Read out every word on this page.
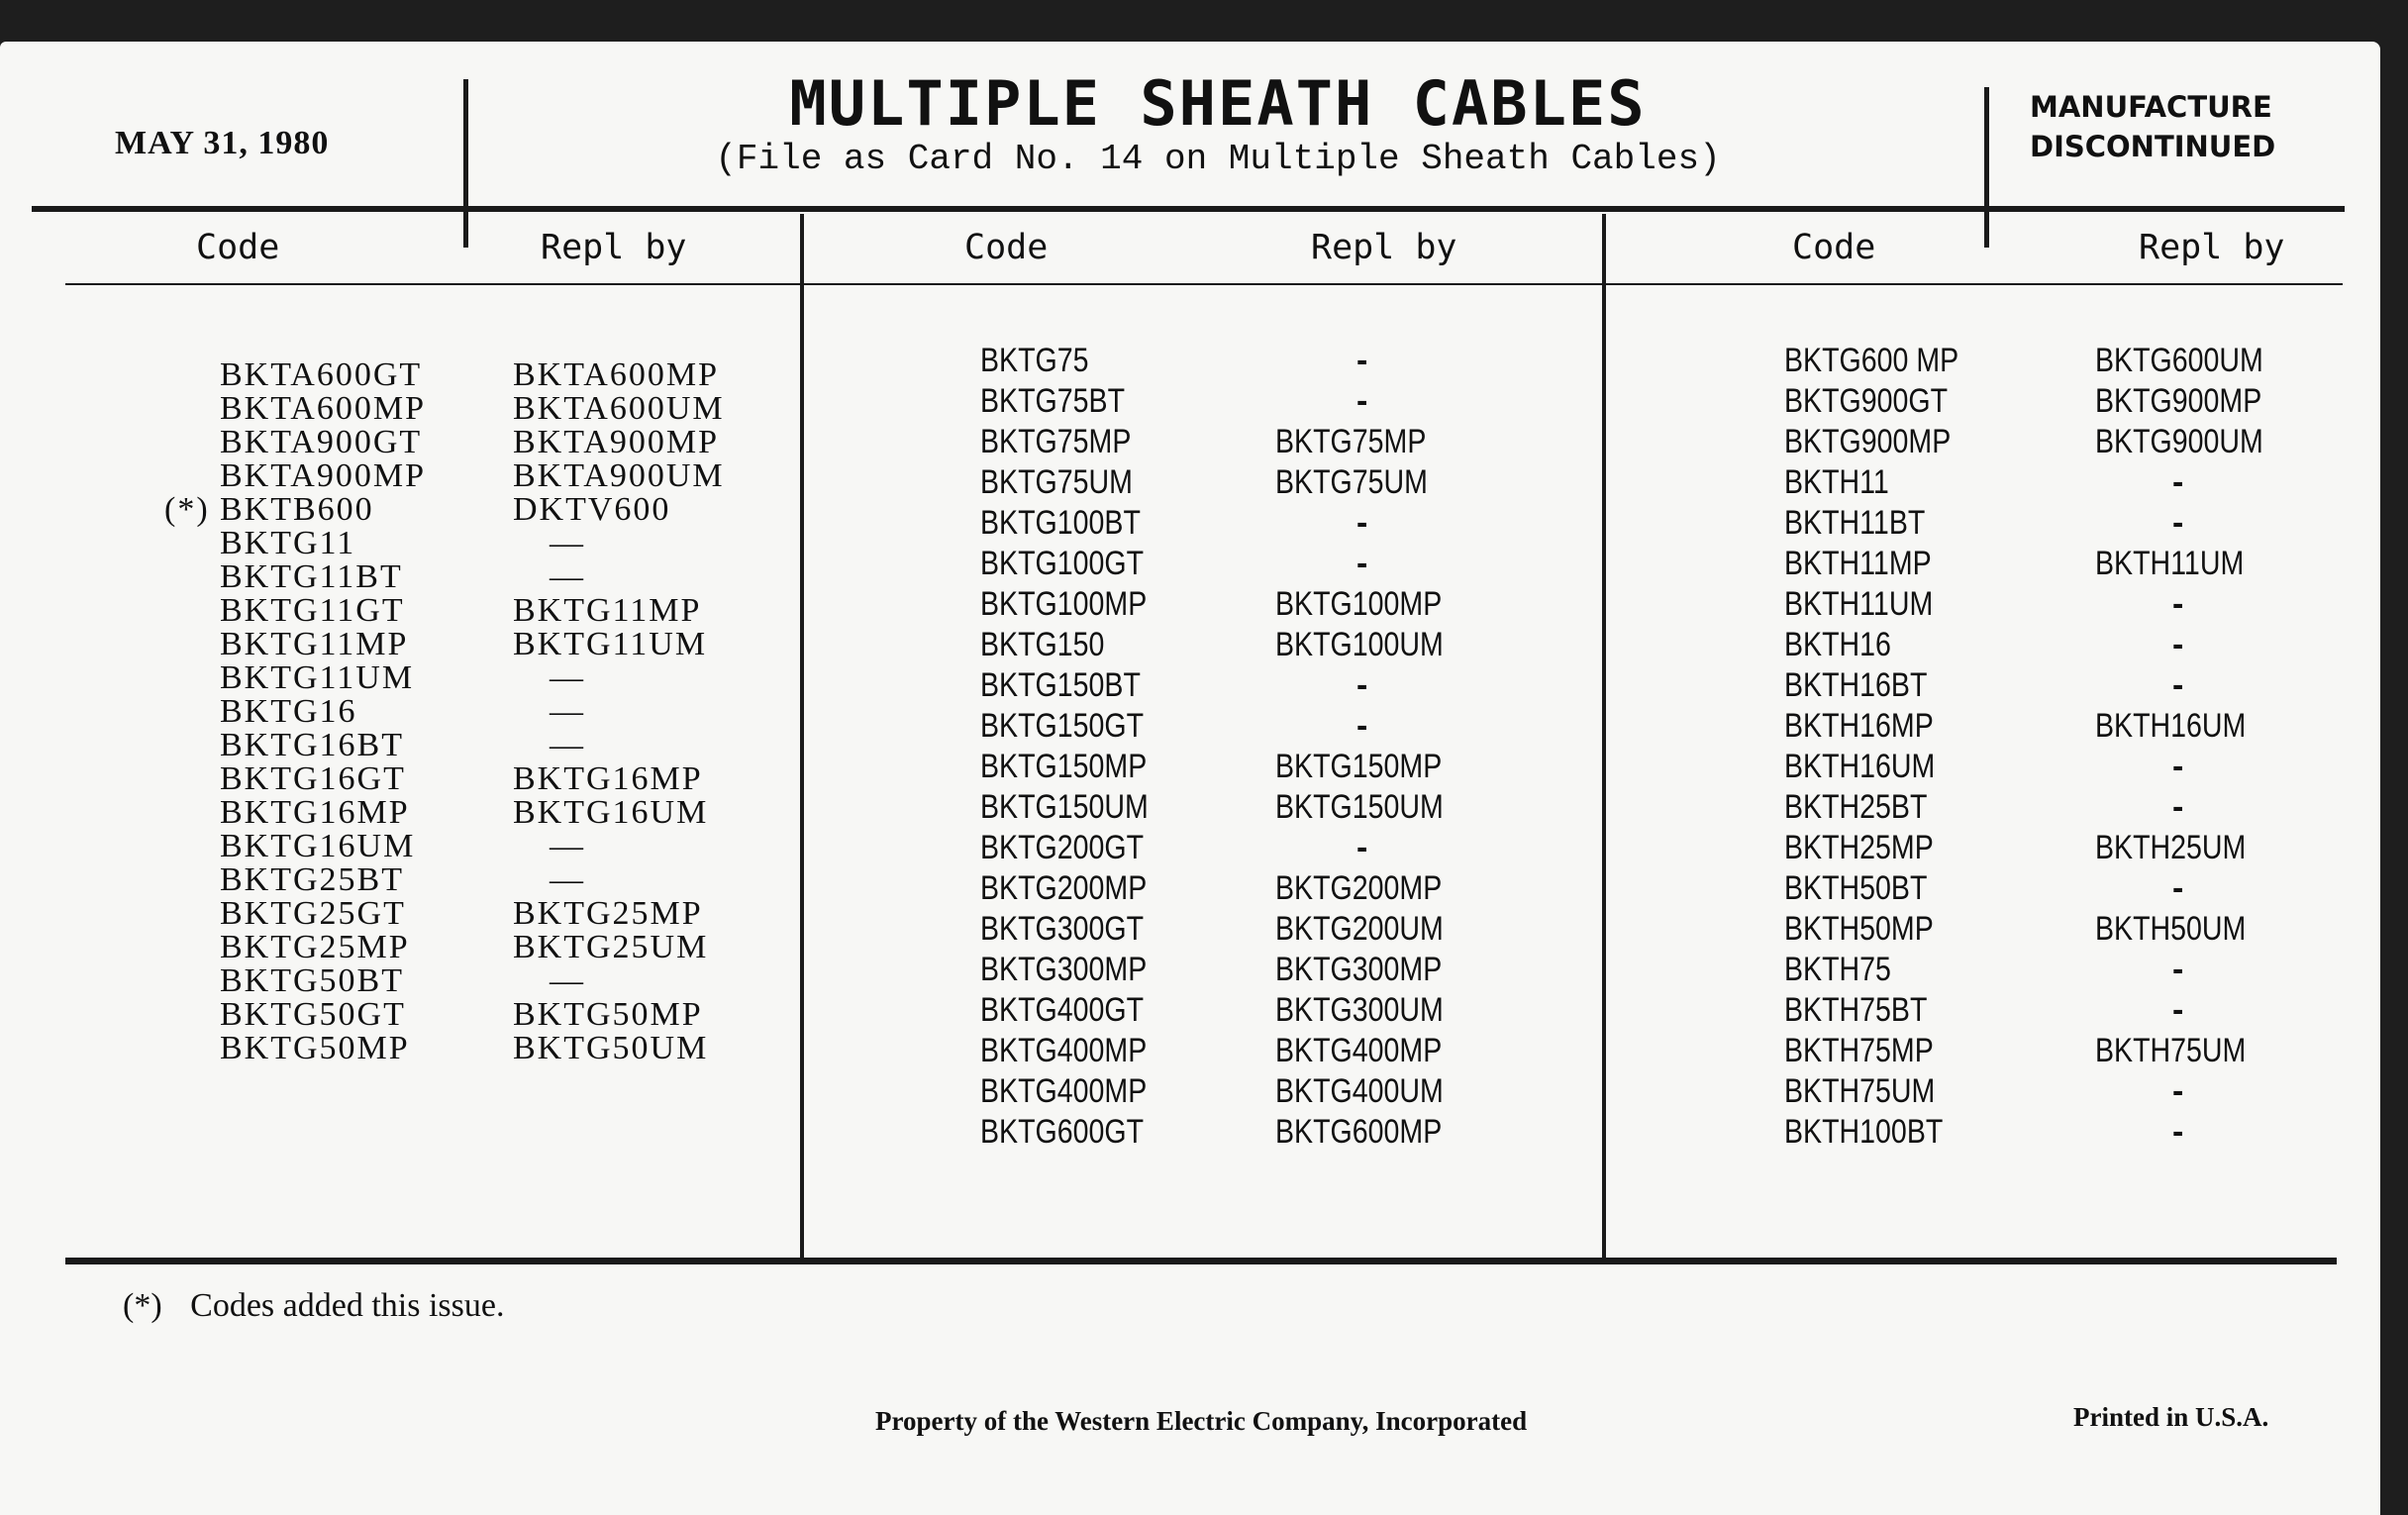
MAY 31, 1980
MULTIPLE SHEATH CABLES
(File as Card No. 14 on Multiple Sheath Cables)
MANUFACTURE
DISCONTINUED
Code	Repl by	Code	Repl by	Code	Repl by
BKTA600GT	BKTA600MP
BKTA600MP	BKTA600UM
BKTA900GT	BKTA900MP
BKTA900MP	BKTA900UM
(*) BKTB600	DKTV600
BKTG11	—
BKTG11BT	—
BKTG11GT	BKTG11MP
BKTG11MP	BKTG11UM
BKTG11UM	—
BKTG16	—
BKTG16BT	—
BKTG16GT	BKTG16MP
BKTG16MP	BKTG16UM
BKTG16UM	—
BKTG25BT	—
BKTG25GT	BKTG25MP
BKTG25MP	BKTG25UM
BKTG50BT	—
BKTG50GT	BKTG50MP
BKTG50MP	BKTG50UM
BKTG75	-
BKTG75BT	-
BKTG75MP	BKTG75MP
BKTG75UM	BKTG75UM
BKTG100BT	-
BKTG100GT	-
BKTG100MP	BKTG100MP
BKTG150	BKTG100UM
BKTG150BT	-
BKTG150GT	-
BKTG150MP	BKTG150MP
BKTG150UM	BKTG150UM
BKTG200GT	-
BKTG200MP	BKTG200MP
BKTG300GT	BKTG200UM
BKTG300MP	BKTG300MP
BKTG400GT	BKTG300UM
BKTG400MP	BKTG400MP
BKTG400MP	BKTG400UM
BKTG600GT	BKTG600MP
BKTG600 MP	BKTG600UM
BKTG900GT	BKTG900MP
BKTG900MP	BKTG900UM
BKTH11	-
BKTH11BT	-
BKTH11MP	BKTH11UM
BKTH11UM	-
BKTH16	-
BKTH16BT	-
BKTH16MP	BKTH16UM
BKTH16UM	-
BKTH25BT	-
BKTH25MP	BKTH25UM
BKTH50BT	-
BKTH50MP	BKTH50UM
BKTH75	-
BKTH75BT	-
BKTH75MP	BKTH75UM
BKTH75UM	-
BKTH100BT	-
(*) Codes added this issue.
Property of the Western Electric Company, Incorporated	Printed in U.S.A.
